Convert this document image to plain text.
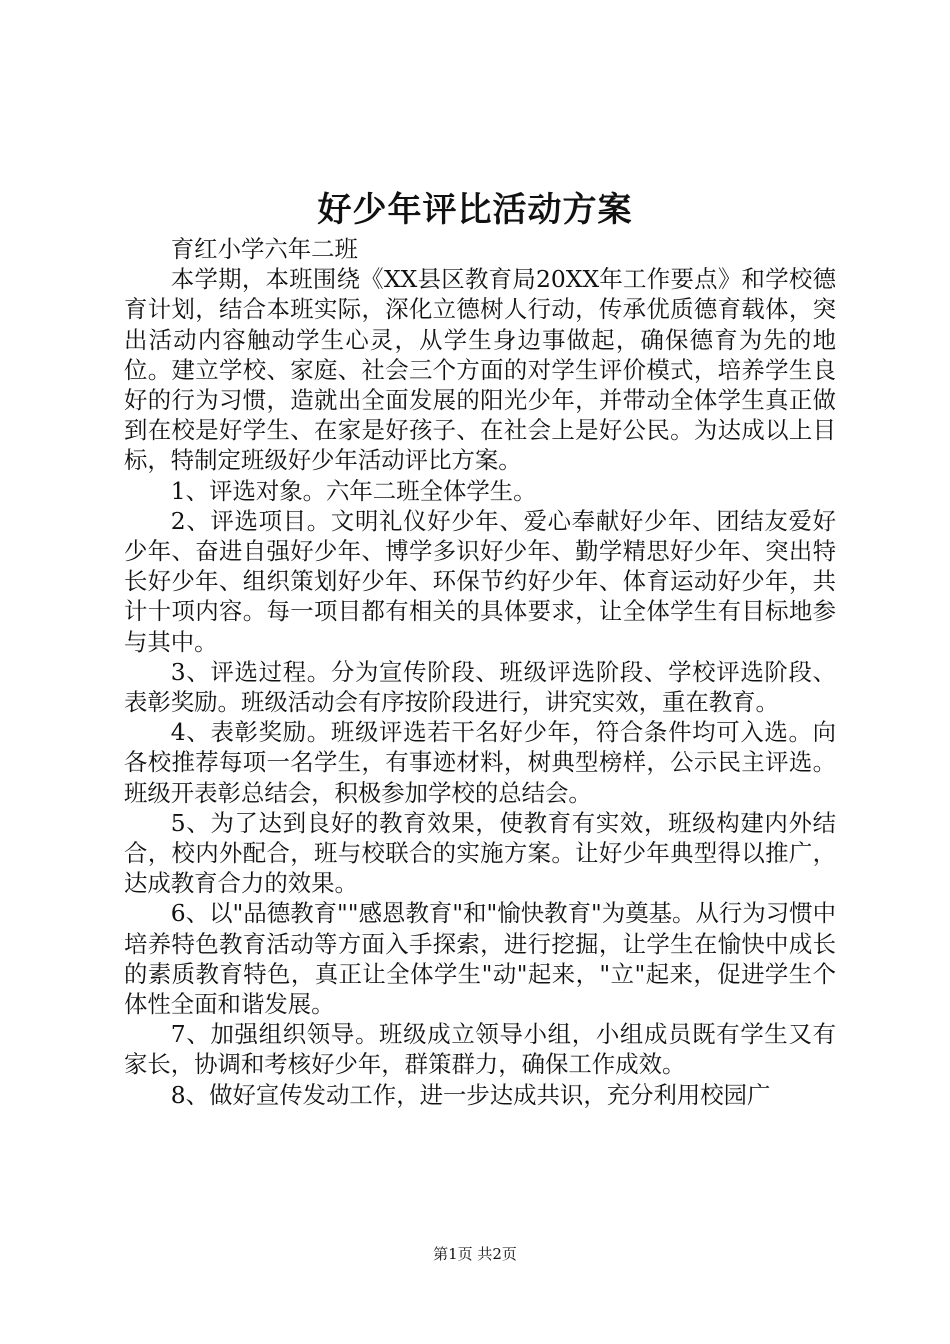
好少年评比活动方案

育红小学六年二班

本学期，本班围绕《XX县区教育局20XX年工作要点》和学校德育计划，结合本班实际，深化立德树人行动，传承优质德育载体，突出活动内容触动学生心灵，从学生身边事做起，确保德育为先的地位。建立学校、家庭、社会三个方面的对学生评价模式，培养学生良好的行为习惯，造就出全面发展的阳光少年，并带动全体学生真正做到在校是好学生、在家是好孩子、在社会上是好公民。为达成以上目标，特制定班级好少年活动评比方案。

1、评选对象。六年二班全体学生。

2、评选项目。文明礼仪好少年、爱心奉献好少年、团结友爱好少年、奋进自强好少年、博学多识好少年、勤学精思好少年、突出特长好少年、组织策划好少年、环保节约好少年、体育运动好少年，共计十项内容。每一项目都有相关的具体要求，让全体学生有目标地参与其中。

3、评选过程。分为宣传阶段、班级评选阶段、学校评选阶段、表彰奖励。班级活动会有序按阶段进行，讲究实效，重在教育。

4、表彰奖励。班级评选若干名好少年，符合条件均可入选。向各校推荐每项一名学生，有事迹材料，树典型榜样，公示民主评选。班级开表彰总结会，积极参加学校的总结会。

5、为了达到良好的教育效果，使教育有实效，班级构建内外结合，校内外配合，班与校联合的实施方案。让好少年典型得以推广，达成教育合力的效果。

6、以"品德教育""感恩教育"和"愉快教育"为奠基。从行为习惯中培养特色教育活动等方面入手探索，进行挖掘，让学生在愉快中成长的素质教育特色，真正让全体学生"动"起来，"立"起来，促进学生个体性全面和谐发展。

7、加强组织领导。班级成立领导小组，小组成员既有学生又有家长，协调和考核好少年，群策群力，确保工作成效。

8、做好宣传发动工作，进一步达成共识，充分利用校园广

第1页 共2页
